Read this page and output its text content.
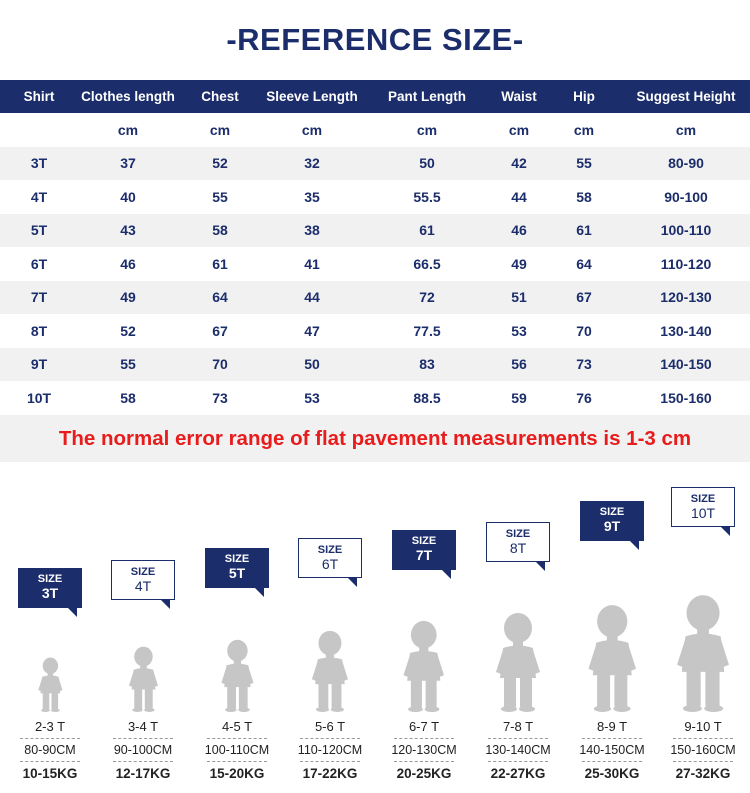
-REFERENCE SIZE-
Shirt	Clothes length	Chest	Sleeve Length	Pant Length	Waist	Hip	Suggest Height
	cm	cm	cm	cm	cm	cm	cm
3T	37	52	32	50	42	55	80-90
4T	40	55	35	55.5	44	58	90-100
5T	43	58	38	61	46	61	100-110
6T	46	61	41	66.5	49	64	110-120
7T	49	64	44	72	51	67	120-130
8T	52	67	47	77.5	53	70	130-140
9T	55	70	50	83	56	73	140-150
10T	58	73	53	88.5	59	76	150-160
The normal error range of flat pavement measurements is 1-3 cm
SIZE
3T
2-3 T
80-90CM
10-15KG
SIZE
4T
3-4 T
90-100CM
12-17KG
SIZE
5T
4-5 T
100-110CM
15-20KG
SIZE
6T
5-6 T
110-120CM
17-22KG
SIZE
7T
6-7 T
120-130CM
20-25KG
SIZE
8T
7-8 T
130-140CM
22-27KG
SIZE
9T
8-9 T
140-150CM
25-30KG
SIZE
10T
9-10 T
150-160CM
27-32KG
